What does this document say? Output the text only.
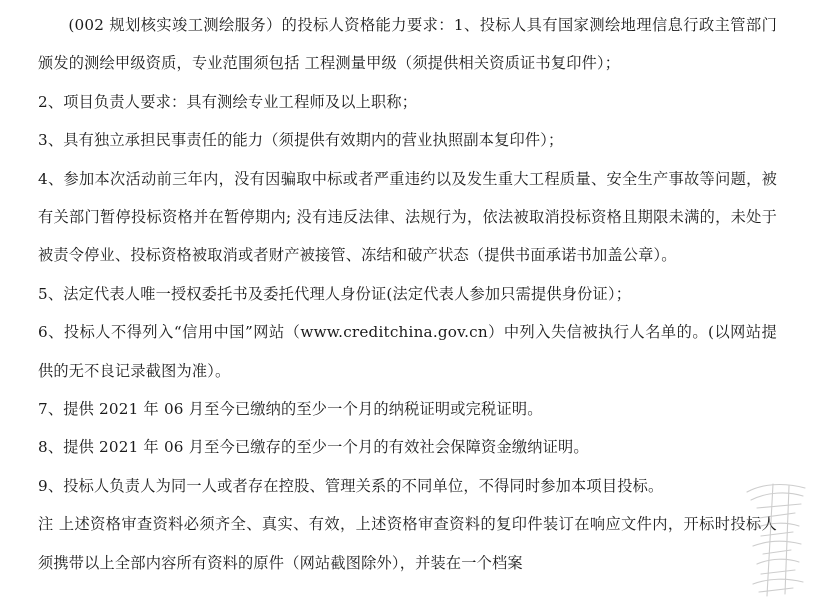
(002 规划核实竣工测绘服务）的投标人资格能力要求：1、投标人具有国家测绘地理信息行政主管部门颁发的测绘甲级资质，专业范围须包括 工程测量甲级（须提供相关资质证书复印件）；

2、项目负责人要求：具有测绘专业工程师及以上职称；

3、具有独立承担民事责任的能力（须提供有效期内的营业执照副本复印件）；

4、参加本次活动前三年内，没有因骗取中标或者严重违约以及发生重大工程质量、安全生产事故等问题，被有关部门暂停投标资格并在暂停期内; 没有违反法律、法规行为，依法被取消投标资格且期限未满的，未处于被责令停业、投标资格被取消或者财产被接管、冻结和破产状态（提供书面承诺书加盖公章）。

5、法定代表人唯一授权委托书及委托代理人身份证(法定代表人参加只需提供身份证）；

6、投标人不得列入“信用中国”网站（www.creditchina.gov.cn）中列入失信被执行人名单的。(以网站提供的无不良记录截图为准）。

7、提供 2021 年 06 月至今已缴纳的至少一个月的纳税证明或完税证明。

8、提供 2021 年 06 月至今已缴存的至少一个月的有效社会保障资金缴纳证明。

9、投标人负责人为同一人或者存在控股、管理关系的不同单位，不得同时参加本项目投标。

注 上述资格审查资料必须齐全、真实、有效，上述资格审查资料的复印件装订在响应文件内，开标时投标人须携带以上全部内容所有资料的原件（网站截图除外），并装在一个档案
